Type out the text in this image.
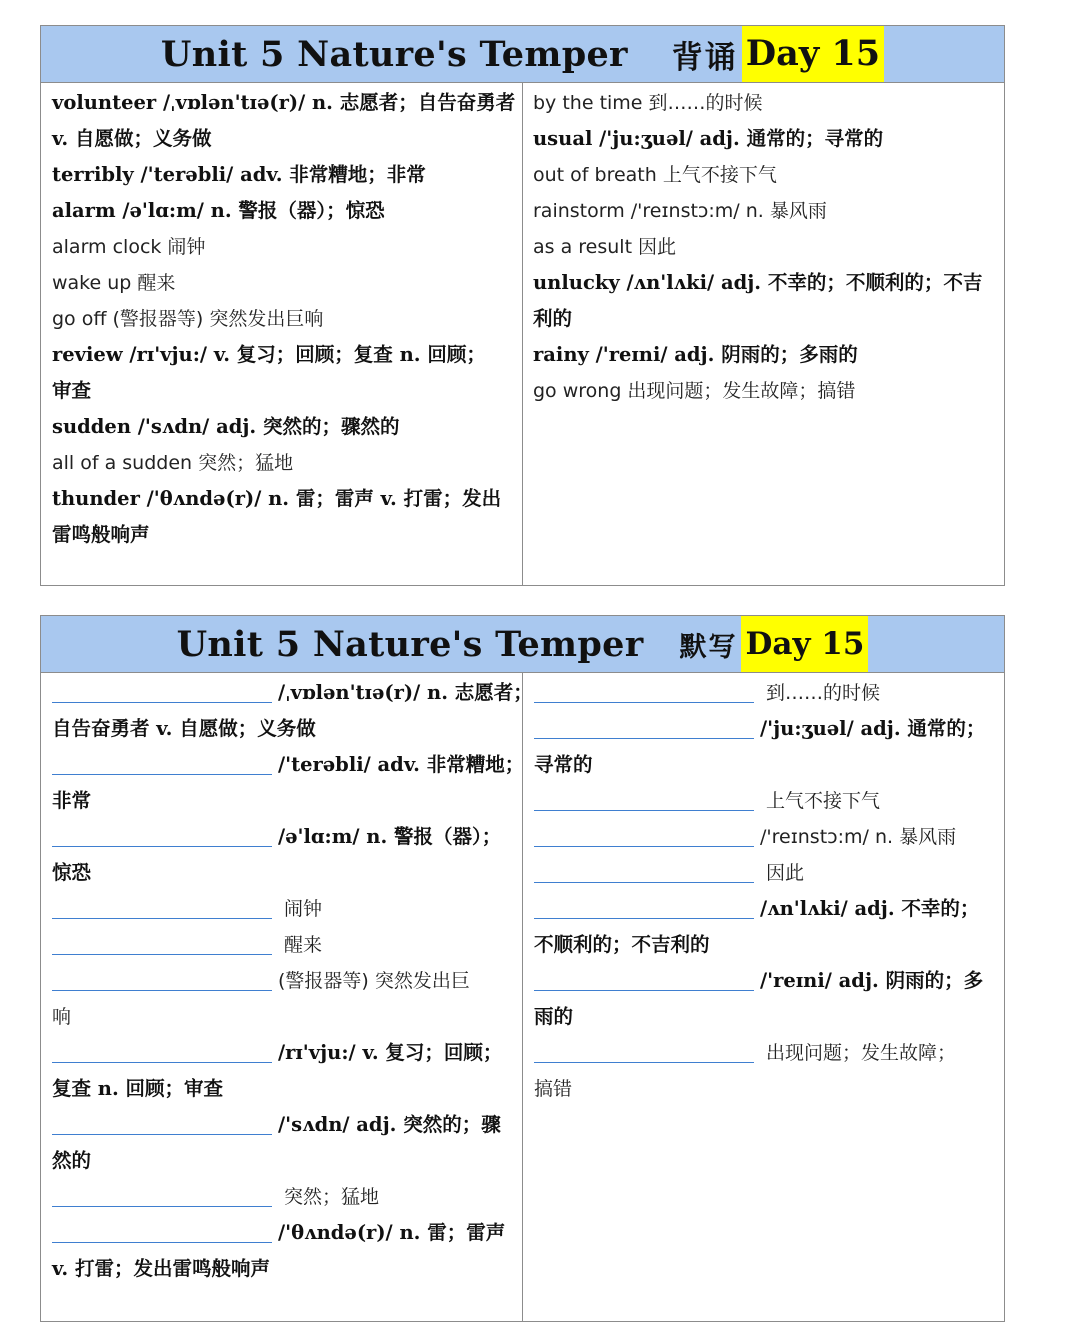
Unit 5 Nature's Temper 背诵 Day 15
volunteer /ˌvɒlən'tɪə(r)/ n. 志愿者；自告奋勇者
v. 自愿做；义务做
terribly /'terəbli/ adv. 非常糟地；非常
alarm /ə'lɑ:m/ n. 警报（器）；惊恐
alarm clock 闹钟
wake up 醒来
go off (警报器等) 突然发出巨响
review /rɪ'vju:/ v. 复习；回顾；复查 n. 回顾；
审查
sudden /'sʌdn/ adj. 突然的；骤然的
all of a sudden 突然；猛地
thunder /'θʌndə(r)/ n. 雷；雷声 v. 打雷；发出
雷鸣般响声
by the time 到……的时候
usual /'ju:ʒuəl/ adj. 通常的；寻常的
out of breath 上气不接下气
rainstorm /'reɪnstɔ:m/ n. 暴风雨
as a result 因此
unlucky /ʌn'lʌki/ adj. 不幸的；不顺利的；不吉
利的
rainy /'reɪni/ adj. 阴雨的；多雨的
go wrong 出现问题；发生故障；搞错
Unit 5 Nature's Temper 默写 Day 15
/ˌvɒlən'tɪə(r)/ n. 志愿者；
自告奋勇者 v. 自愿做；义务做
/'terəbli/ adv. 非常糟地；
非常
/ə'lɑ:m/ n. 警报（器）；
惊恐
闹钟
醒来
(警报器等) 突然发出巨
响
/rɪ'vju:/ v. 复习；回顾；
复查 n. 回顾；审查
/'sʌdn/ adj. 突然的；骤
然的
突然；猛地
/'θʌndə(r)/ n. 雷；雷声
v. 打雷；发出雷鸣般响声
到……的时候
/'ju:ʒuəl/ adj. 通常的；
寻常的
上气不接下气
/'reɪnstɔ:m/ n. 暴风雨
因此
/ʌn'lʌki/ adj. 不幸的；
不顺利的；不吉利的
/'reɪni/ adj. 阴雨的；多
雨的
出现问题；发生故障；
搞错
